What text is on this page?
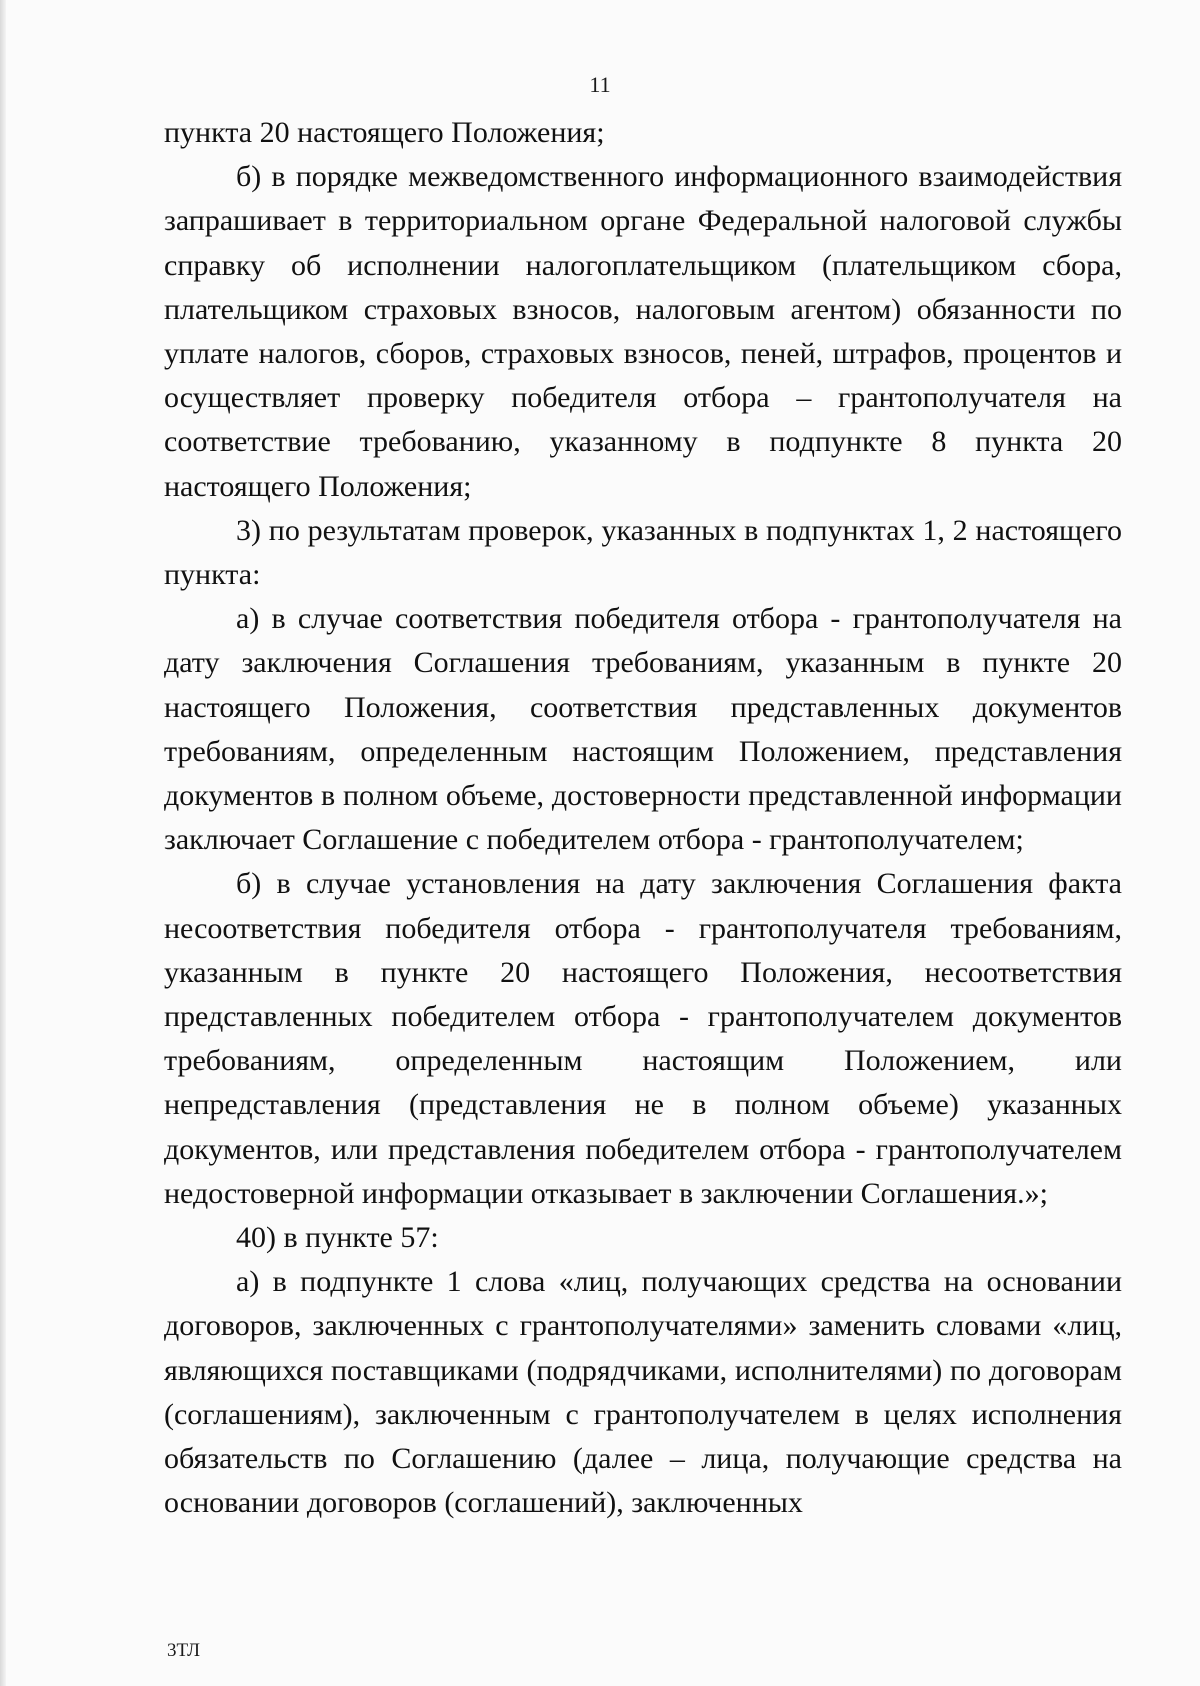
11

пункта 20 настоящего Положения;

б) в порядке межведомственного информационного взаимодействия запрашивает в территориальном органе Федеральной налоговой службы справку об исполнении налогоплательщиком (плательщиком сбора, плательщиком страховых взносов, налоговым агентом) обязанности по уплате налогов, сборов, страховых взносов, пеней, штрафов, процентов и осуществляет проверку победителя отбора – грантополучателя на соответствие требованию, указанному в подпункте 8 пункта 20 настоящего Положения;

3) по результатам проверок, указанных в подпунктах 1, 2 настоящего пункта:

а) в случае соответствия победителя отбора - грантополучателя на дату заключения Соглашения требованиям, указанным в пункте 20 настоящего Положения, соответствия представленных документов требованиям, определенным настоящим Положением, представления документов в полном объеме, достоверности представленной информации заключает Соглашение с победителем отбора - грантополучателем;

б) в случае установления на дату заключения Соглашения факта несоответствия победителя отбора - грантополучателя требованиям, указанным в пункте 20 настоящего Положения, несоответствия представленных победителем отбора - грантополучателем документов требованиям, определенным настоящим Положением, или непредставления (представления не в полном объеме) указанных документов, или представления победителем отбора - грантополучателем недостоверной информации отказывает в заключении Соглашения.»;

40) в пункте 57:

а) в подпункте 1 слова «лиц, получающих средства на основании договоров, заключенных с грантополучателями» заменить словами «лиц, являющихся поставщиками (подрядчиками, исполнителями) по договорам (соглашениям), заключенным с грантополучателем в целях исполнения обязательств по Соглашению (далее – лица, получающие средства на основании договоров (соглашений), заключенных

3ТЛ
